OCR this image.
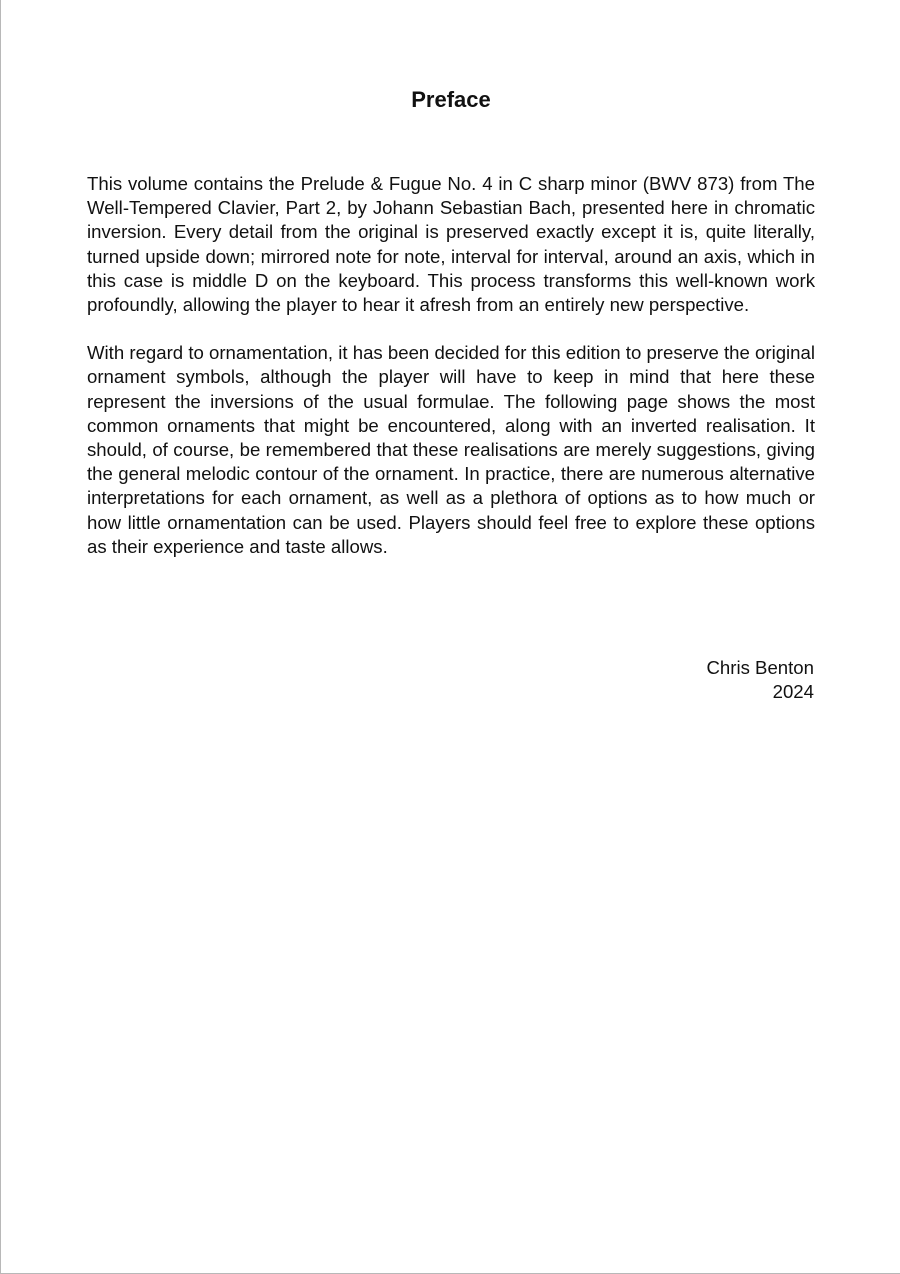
Preface

This volume contains the Prelude & Fugue No. 4 in C sharp minor (BWV 873) from The Well-Tempered Clavier, Part 2, by Johann Sebastian Bach, presented here in chromatic inversion. Every detail from the original is preserved exactly except it is, quite literally, turned upside down; mirrored note for note, interval for interval, around an axis, which in this case is middle D on the keyboard. This process transforms this well-known work profoundly, allowing the player to hear it afresh from an entirely new perspective.

With regard to ornamentation, it has been decided for this edition to preserve the original ornament symbols, although the player will have to keep in mind that here these represent the inversions of the usual formulae. The following page shows the most common ornaments that might be encountered, along with an inverted realisation. It should, of course, be remembered that these realisations are merely suggestions, giving the general melodic contour of the ornament. In practice, there are numerous alternative interpretations for each ornament, as well as a plethora of options as to how much or how little ornamentation can be used. Players should feel free to explore these options as their experience and taste allows.

Chris Benton
2024
